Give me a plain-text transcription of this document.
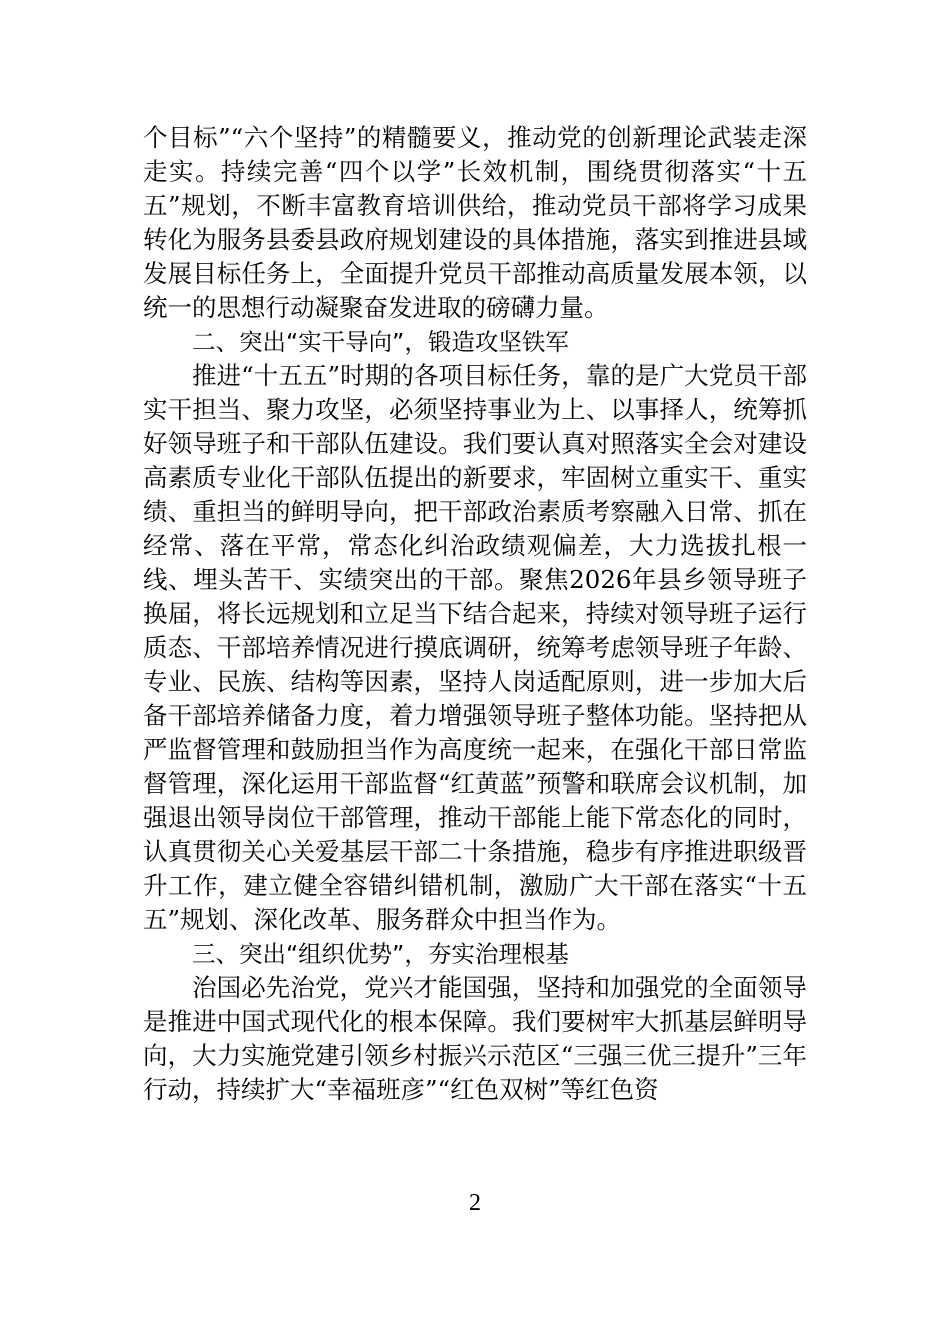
个目标”“六个坚持”的精髓要义，推动党的创新理论武装走深走实。持续完善“四个以学”长效机制，围绕贯彻落实“十五五”规划，不断丰富教育培训供给，推动党员干部将学习成果转化为服务县委县政府规划建设的具体措施，落实到推进县域发展目标任务上，全面提升党员干部推动高质量发展本领，以统一的思想行动凝聚奋发进取的磅礴力量。

二、突出“实干导向”，锻造攻坚铁军

推进“十五五”时期的各项目标任务，靠的是广大党员干部实干担当、聚力攻坚，必须坚持事业为上、以事择人，统筹抓好领导班子和干部队伍建设。我们要认真对照落实全会对建设高素质专业化干部队伍提出的新要求，牢固树立重实干、重实绩、重担当的鲜明导向，把干部政治素质考察融入日常、抓在经常、落在平常，常态化纠治政绩观偏差，大力选拔扎根一线、埋头苦干、实绩突出的干部。聚焦2026年县乡领导班子换届，将长远规划和立足当下结合起来，持续对领导班子运行质态、干部培养情况进行摸底调研，统筹考虑领导班子年龄、专业、民族、结构等因素，坚持人岗适配原则，进一步加大后备干部培养储备力度，着力增强领导班子整体功能。坚持把从严监督管理和鼓励担当作为高度统一起来，在强化干部日常监督管理，深化运用干部监督“红黄蓝”预警和联席会议机制，加强退出领导岗位干部管理，推动干部能上能下常态化的同时，认真贯彻关心关爱基层干部二十条措施，稳步有序推进职级晋升工作，建立健全容错纠错机制，激励广大干部在落实“十五五”规划、深化改革、服务群众中担当作为。

三、突出“组织优势”，夯实治理根基

治国必先治党，党兴才能国强，坚持和加强党的全面领导是推进中国式现代化的根本保障。我们要树牢大抓基层鲜明导向，大力实施党建引领乡村振兴示范区“三强三优三提升”三年行动，持续扩大“幸福班彦”“红色双树”等红色资

2
